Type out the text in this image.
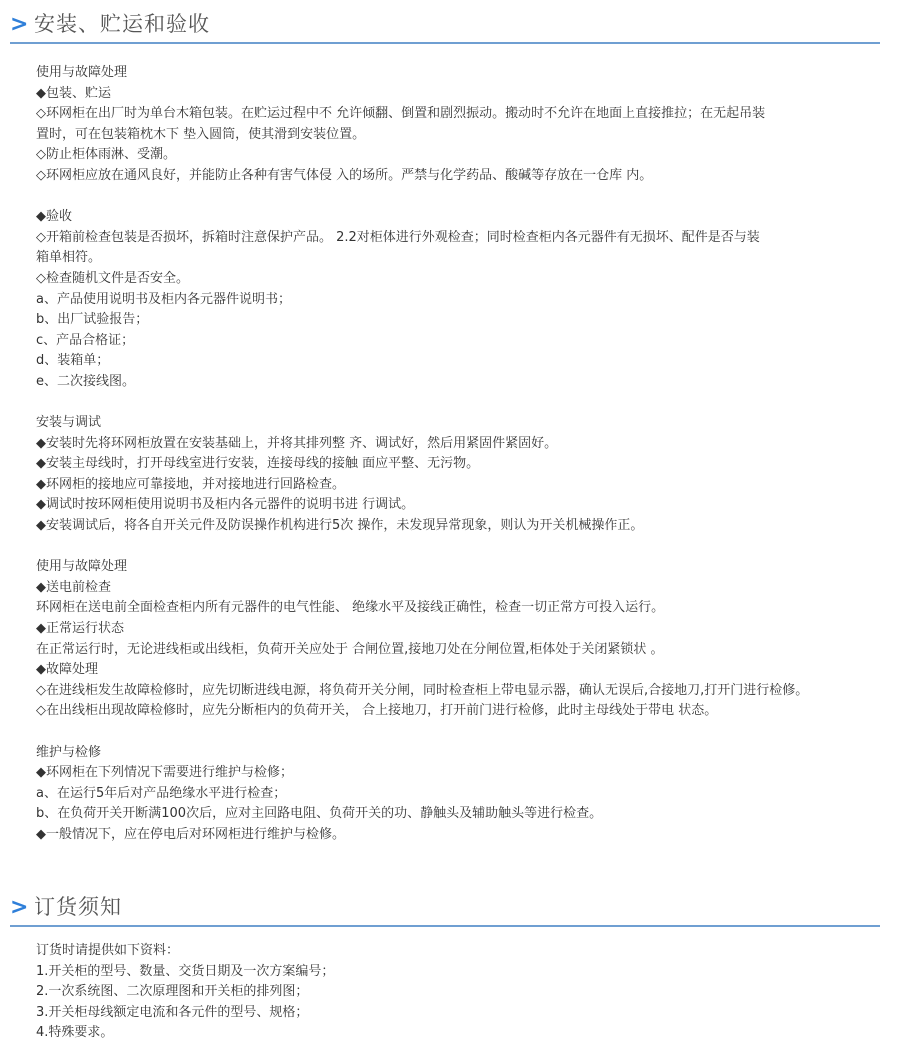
> 安装、贮运和验收
使用与故障处理
◆包装、贮运
◇环网柜在出厂时为单台木箱包装。在贮运过程中不 允许倾翻、倒置和剧烈振动。搬动时不允许在地面上直接推拉；在无起吊装
置时，可在包装箱枕木下 垫入圆筒，使其滑到安装位置。
◇防止柜体雨淋、受潮。
◇环网柜应放在通风良好，并能防止各种有害气体侵 入的场所。严禁与化学药品、酸碱等存放在一仓库 内。
◆验收
◇开箱前检查包装是否损坏，拆箱时注意保护产品。 2.2对柜体进行外观检查；同时检查柜内各元器件有无损坏、配件是否与装
箱单相符。
◇检查随机文件是否安全。
a、产品使用说明书及柜内各元器件说明书；
b、出厂试验报告；
c、产品合格证；
d、装箱单；
e、二次接线图。
安装与调试
◆安装时先将环网柜放置在安装基础上，并将其排列整 齐、调试好，然后用紧固件紧固好。
◆安装主母线时，打开母线室进行安装，连接母线的接触 面应平整、无污物。
◆环网柜的接地应可靠接地，并对接地进行回路检查。
◆调试时按环网柜使用说明书及柜内各元器件的说明书进 行调试。
◆安装调试后，将各自开关元件及防误操作机构进行5次 操作，未发现异常现象，则认为开关机械操作正。
使用与故障处理
◆送电前检查
环网柜在送电前全面检查柜内所有元器件的电气性能、 绝缘水平及接线正确性，检查一切正常方可投入运行。
◆正常运行状态
在正常运行时，无论进线柜或出线柜，负荷开关应处于 合闸位置,接地刀处在分闸位置,柜体处于关闭紧锁状 。
◆故障处理
◇在进线柜发生故障检修时，应先切断进线电源，将负荷开关分闸，同时检查柜上带电显示器，确认无误后,合接地刀,打开门进行检修。
◇在出线柜出现故障检修时，应先分断柜内的负荷开关， 合上接地刀，打开前门进行检修，此时主母线处于带电 状态。
维护与检修
◆环网柜在下列情况下需要进行维护与检修；
a、在运行5年后对产品绝缘水平进行检查；
b、在负荷开关开断满100次后，应对主回路电阻、负荷开关的功、静触头及辅助触头等进行检查。
◆一般情况下，应在停电后对环网柜进行维护与检修。
> 订货须知
订货时请提供如下资料：
1.开关柜的型号、数量、交货日期及一次方案编号；
2.一次系统图、二次原理图和开关柜的排列图；
3.开关柜母线额定电流和各元件的型号、规格；
4.特殊要求。
